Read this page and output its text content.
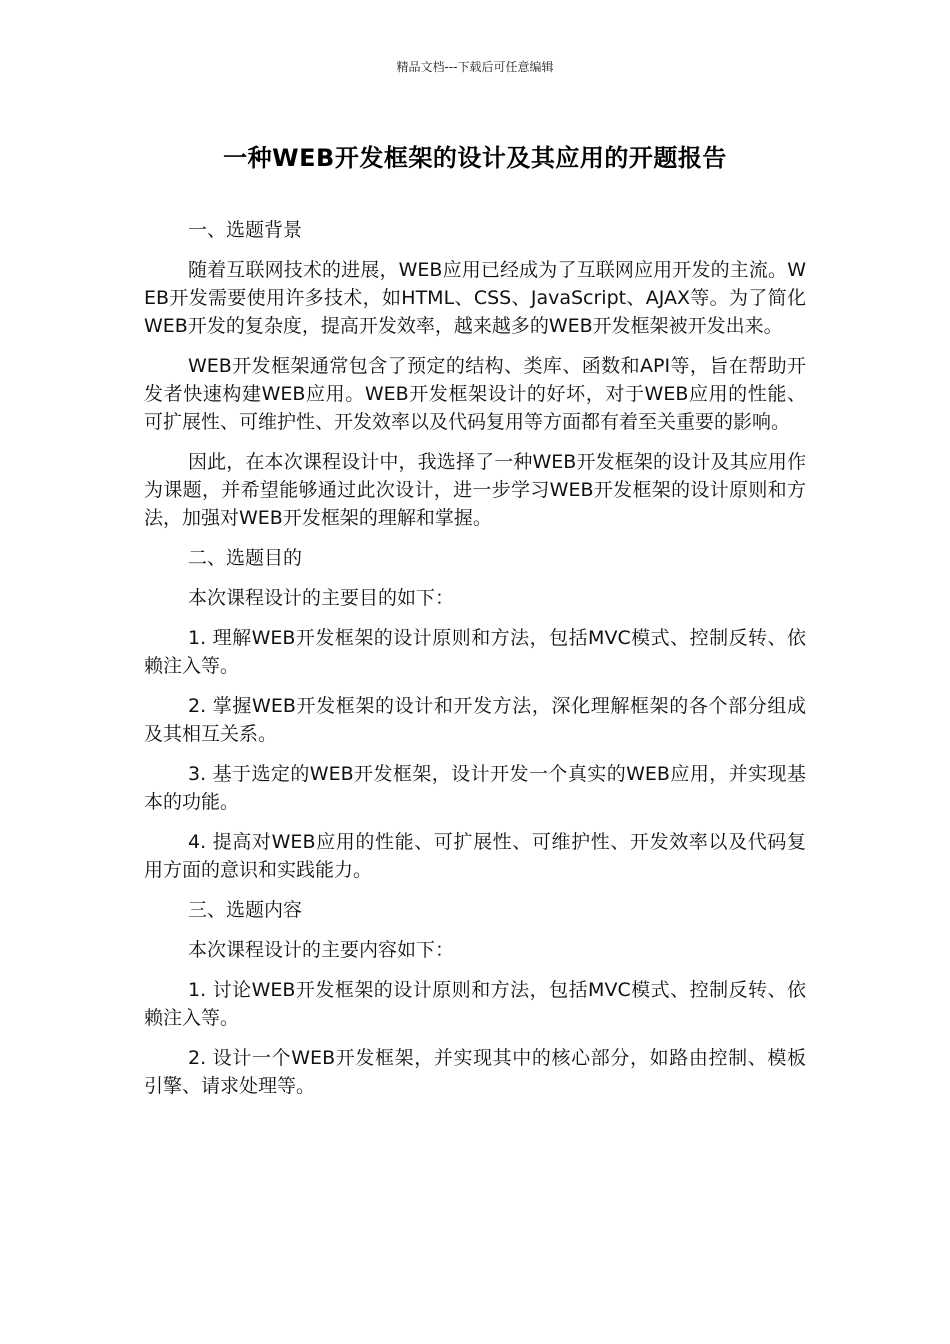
精品文档---下载后可任意编辑
一种WEB开发框架的设计及其应用的开题报告

一、选题背景

随着互联网技术的进展，WEB应用已经成为了互联网应用开发的主流。WEB开发需要使用许多技术，如HTML、CSS、JavaScript、AJAX等。为了简化WEB开发的复杂度，提高开发效率，越来越多的WEB开发框架被开发出来。

WEB开发框架通常包含了预定的结构、类库、函数和API等，旨在帮助开发者快速构建WEB应用。WEB开发框架设计的好坏，对于WEB应用的性能、可扩展性、可维护性、开发效率以及代码复用等方面都有着至关重要的影响。

因此，在本次课程设计中，我选择了一种WEB开发框架的设计及其应用作为课题，并希望能够通过此次设计，进一步学习WEB开发框架的设计原则和方法，加强对WEB开发框架的理解和掌握。

二、选题目的

本次课程设计的主要目的如下：

1. 理解WEB开发框架的设计原则和方法，包括MVC模式、控制反转、依赖注入等。

2. 掌握WEB开发框架的设计和开发方法，深化理解框架的各个部分组成及其相互关系。

3. 基于选定的WEB开发框架，设计开发一个真实的WEB应用，并实现基本的功能。

4. 提高对WEB应用的性能、可扩展性、可维护性、开发效率以及代码复用方面的意识和实践能力。

三、选题内容

本次课程设计的主要内容如下：

1. 讨论WEB开发框架的设计原则和方法，包括MVC模式、控制反转、依赖注入等。

2. 设计一个WEB开发框架，并实现其中的核心部分，如路由控制、模板引擎、请求处理等。
